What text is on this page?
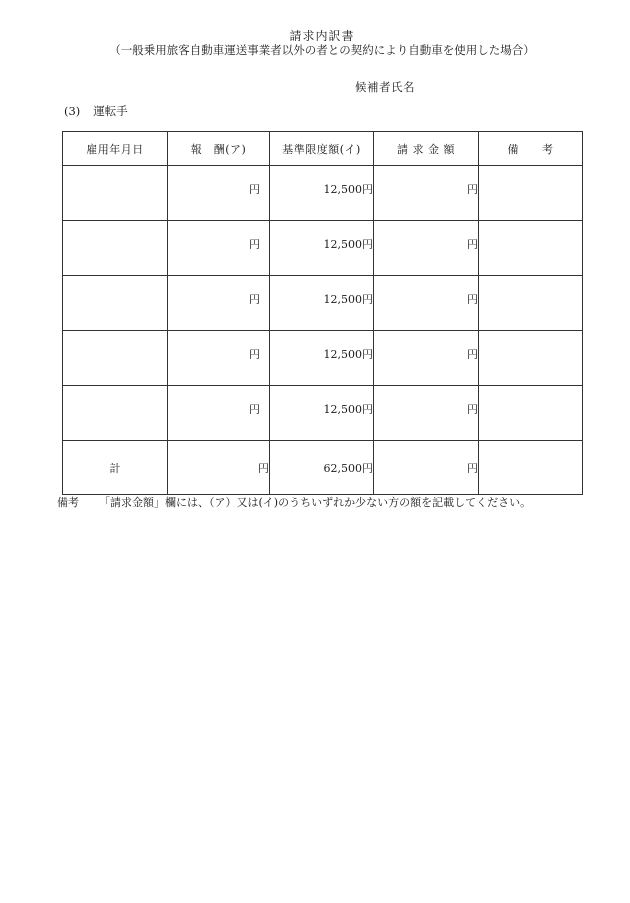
請求内訳書
（一般乗用旅客自動車運送事業者以外の者との契約により自動車を使用した場合）
候補者氏名
(3) 運転手
雇用年月日	報　酬(ア)	基準限度額(イ)	請 求 金 額	備　　考
	円	12,500円	円	
	円	12,500円	円	
	円	12,500円	円	
	円	12,500円	円	
	円	12,500円	円	
計	円	62,500円	円	
備考 「請求金額」欄には、（ア）又は(イ)のうちいずれか少ない方の額を記載してください。
